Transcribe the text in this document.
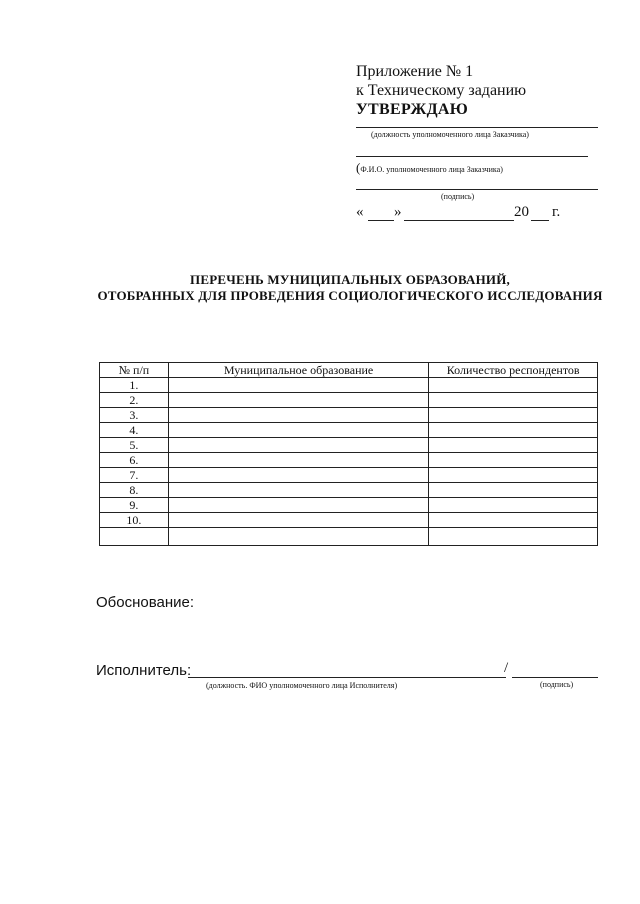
Приложение № 1
к Техническому заданию
УТВЕРЖДАЮ
(должность уполномоченного лица Заказчика)
(Ф.И.О. уполномоченного лица Заказчика)
(подпись)
« »	20 г.
ПЕРЕЧЕНЬ МУНИЦИПАЛЬНЫХ ОБРАЗОВАНИЙ,
ОТОБРАННЫХ ДЛЯ ПРОВЕДЕНИЯ СОЦИОЛОГИЧЕСКОГО ИССЛЕДОВАНИЯ
№ п/п	Муниципальное образование	Количество респондентов
1.		
2.		
3.		
4.		
5.		
6.		
7.		
8.		
9.		
10.		

Обоснование:
Исполнитель:	/
(должность. ФИО уполномоченного лица Исполнителя)	(подпись)
